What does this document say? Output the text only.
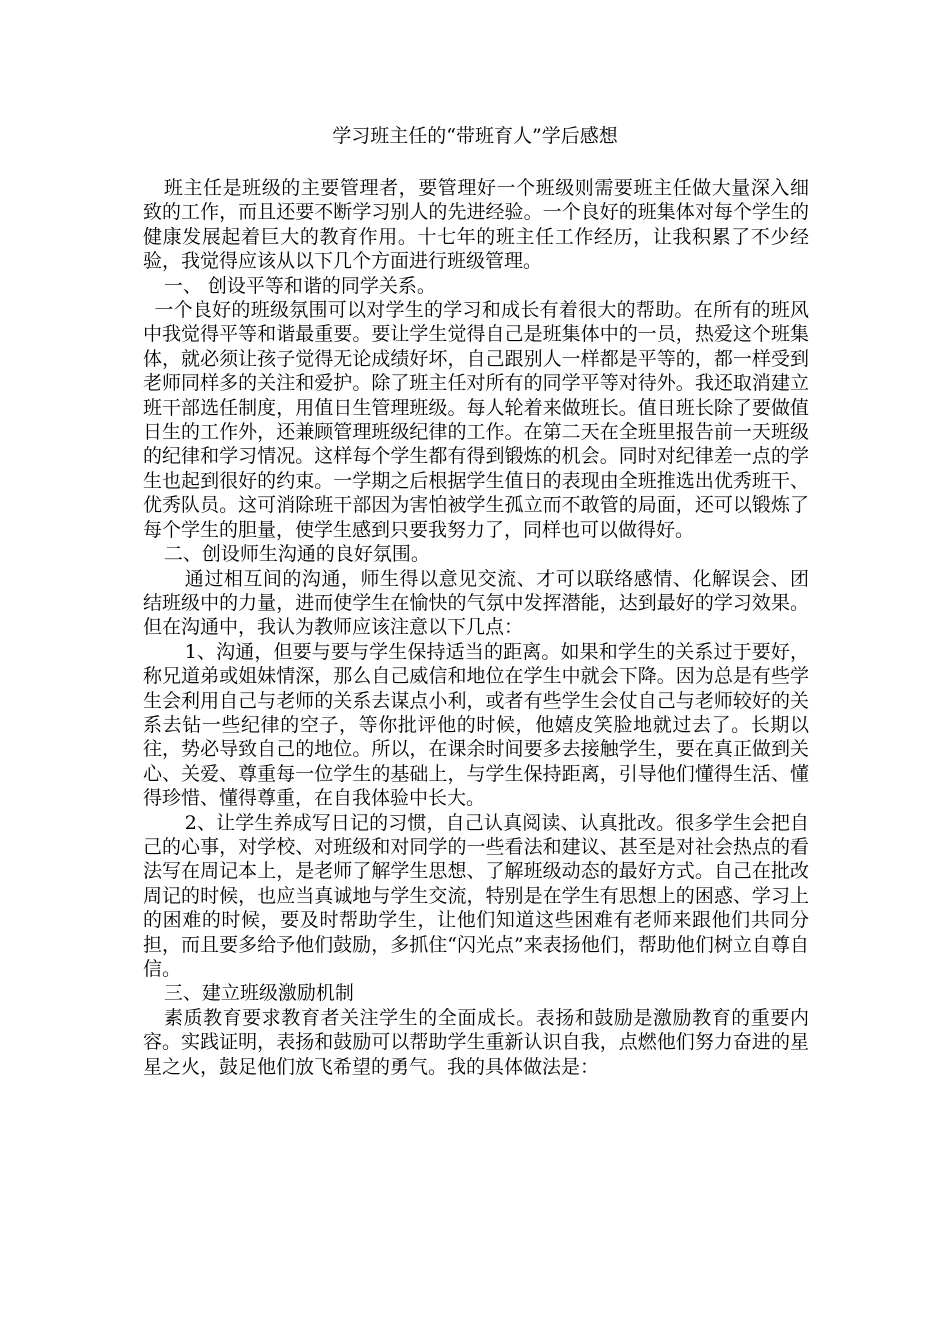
学习班主任的“带班育人”学后感想

班主任是班级的主要管理者，要管理好一个班级则需要班主任做大量深入细致的工作，而且还要不断学习别人的先进经验。一个良好的班集体对每个学生的健康发展起着巨大的教育作用。十七年的班主任工作经历，让我积累了不少经验，我觉得应该从以下几个方面进行班级管理。

一、 创设平等和谐的同学关系。

一个良好的班级氛围可以对学生的学习和成长有着很大的帮助。在所有的班风中我觉得平等和谐最重要。要让学生觉得自己是班集体中的一员，热爱这个班集体，就必须让孩子觉得无论成绩好坏，自己跟别人一样都是平等的，都一样受到老师同样多的关注和爱护。除了班主任对所有的同学平等对待外。我还取消建立班干部选任制度，用值日生管理班级。每人轮着来做班长。值日班长除了要做值日生的工作外，还兼顾管理班级纪律的工作。在第二天在全班里报告前一天班级的纪律和学习情况。这样每个学生都有得到锻炼的机会。同时对纪律差一点的学生也起到很好的约束。一学期之后根据学生值日的表现由全班推选出优秀班干、优秀队员。这可消除班干部因为害怕被学生孤立而不敢管的局面，还可以锻炼了每个学生的胆量，使学生感到只要我努力了，同样也可以做得好。

二、创设师生沟通的良好氛围。

通过相互间的沟通，师生得以意见交流、才可以联络感情、化解误会、团结班级中的力量，进而使学生在愉快的气氛中发挥潜能，达到最好的学习效果。但在沟通中，我认为教师应该注意以下几点：

1、沟通，但要与要与学生保持适当的距离。如果和学生的关系过于要好，称兄道弟或姐妹情深，那么自己威信和地位在学生中就会下降。因为总是有些学生会利用自己与老师的关系去谋点小利，或者有些学生会仗自己与老师较好的关系去钻一些纪律的空子，等你批评他的时候，他嬉皮笑脸地就过去了。长期以往，势必导致自己的地位。所以，在课余时间要多去接触学生，要在真正做到关心、关爱、尊重每一位学生的基础上，与学生保持距离，引导他们懂得生活、懂得珍惜、懂得尊重，在自我体验中长大。

2、让学生养成写日记的习惯，自己认真阅读、认真批改。很多学生会把自己的心事，对学校、对班级和对同学的一些看法和建议、甚至是对社会热点的看法写在周记本上，是老师了解学生思想、了解班级动态的最好方式。自己在批改周记的时候，也应当真诚地与学生交流，特别是在学生有思想上的困惑、学习上的困难的时候，要及时帮助学生，让他们知道这些困难有老师来跟他们共同分担，而且要多给予他们鼓励，多抓住“闪光点”来表扬他们，帮助他们树立自尊自信。

三、建立班级激励机制

素质教育要求教育者关注学生的全面成长。表扬和鼓励是激励教育的重要内容。实践证明，表扬和鼓励可以帮助学生重新认识自我，点燃他们努力奋进的星星之火，鼓足他们放飞希望的勇气。我的具体做法是：
